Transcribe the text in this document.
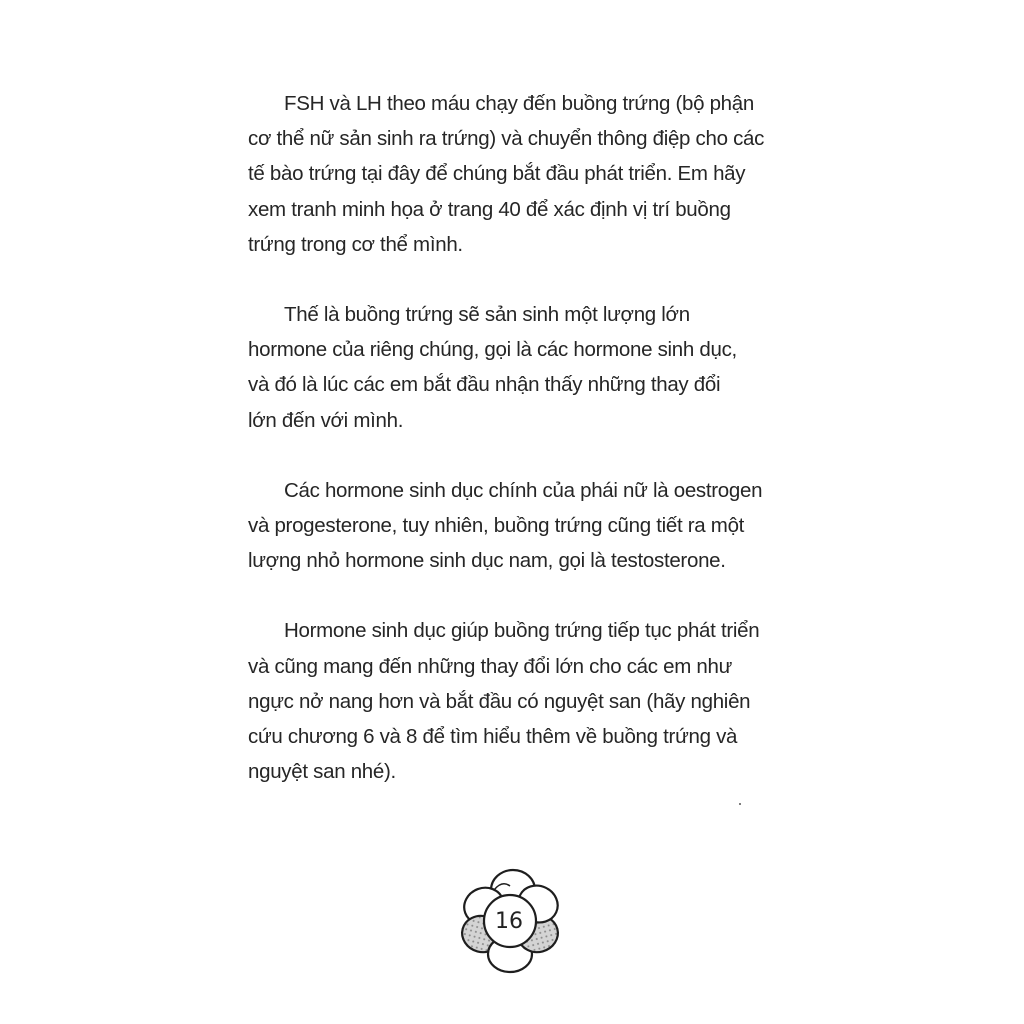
FSH và LH theo máu chạy đến buồng trứng (bộ phận
cơ thể nữ sản sinh ra trứng) và chuyển thông điệp cho các
tế bào trứng tại đây để chúng bắt đầu phát triển. Em hãy
xem tranh minh họa ở trang 40 để xác định vị trí buồng
trứng trong cơ thể mình.
Thế là buồng trứng sẽ sản sinh một lượng lớn
hormone của riêng chúng, gọi là các hormone sinh dục,
và đó là lúc các em bắt đầu nhận thấy những thay đổi
lớn đến với mình.
Các hormone sinh dục chính của phái nữ là oestrogen
và progesterone, tuy nhiên, buồng trứng cũng tiết ra một
lượng nhỏ hormone sinh dục nam, gọi là testosterone.
Hormone sinh dục giúp buồng trứng tiếp tục phát triển
và cũng mang đến những thay đổi lớn cho các em như
ngực nở nang hơn và bắt đầu có nguyệt san (hãy nghiên
cứu chương 6 và 8 để tìm hiểu thêm về buồng trứng và
nguyệt san nhé).
16
